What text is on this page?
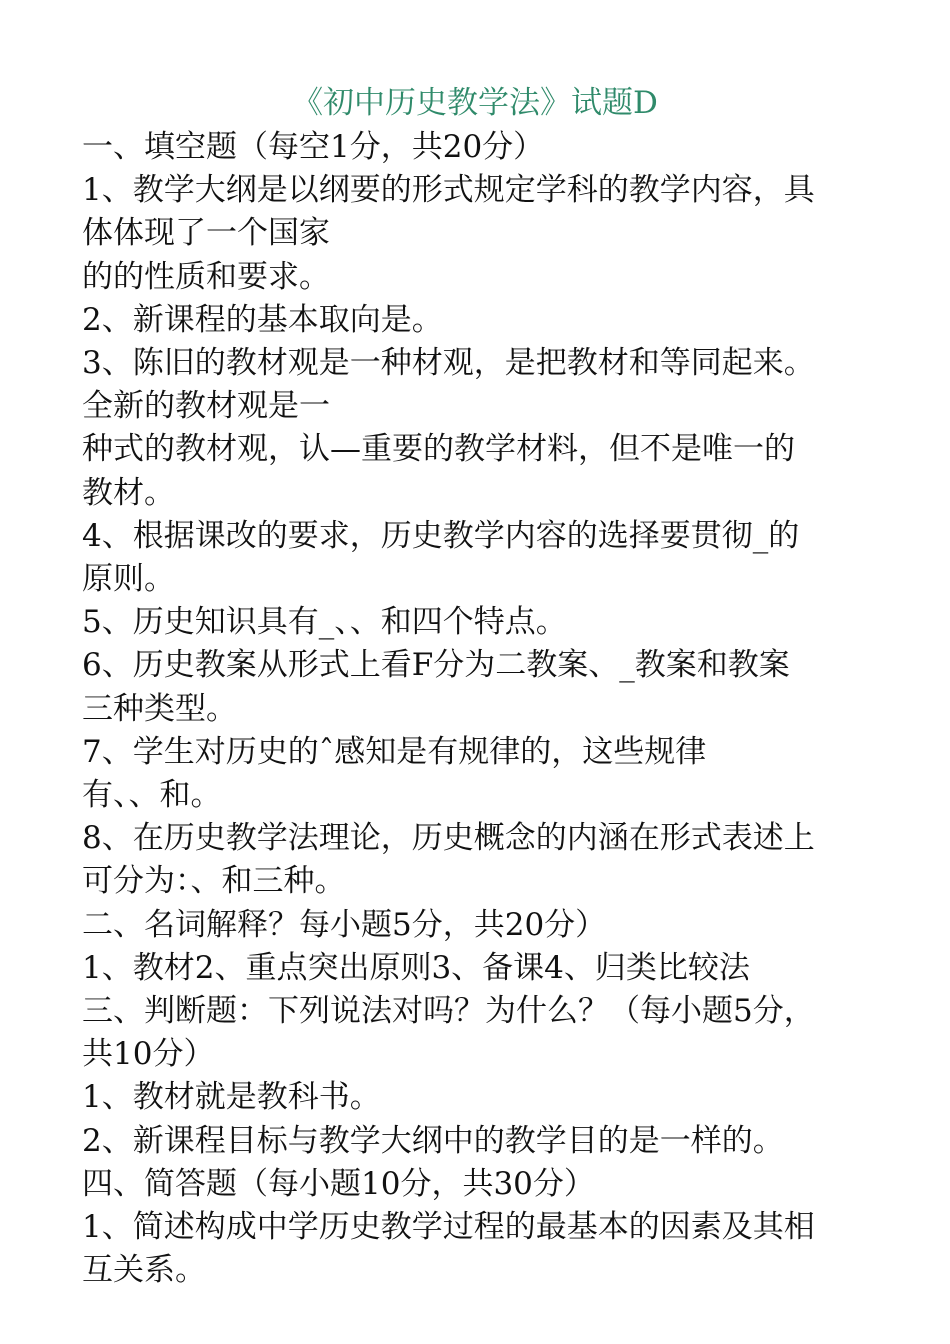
《初中历史教学法》试题D
一、填空题（每空1分，共20分）
1、教学大纲是以纲要的形式规定学科的教学内容，具
体体现了一个国家
的的性质和要求。
2、新课程的基本取向是。
3、陈旧的教材观是一种材观，是把教材和等同起来。
全新的教材观是一
种式的教材观，认—重要的教学材料，但不是唯一的
教材。
4、根据课改的要求，历史教学内容的选择要贯彻_的
原则。
5、历史知识具有_、、和四个特点。
6、历史教案从形式上看F分为二教案、_教案和教案
三种类型。
7、学生对历史的ˆ感知是有规律的，这些规律
有、、和。
8、在历史教学法理论，历史概念的内涵在形式表述上
可分为：、和三种。
二、名词解释？每小题5分，共20分）
1、教材2、重点突出原则3、备课4、归类比较法
三、判断题：下列说法对吗？为什么？（每小题5分，
共10分）
1、教材就是教科书。
2、新课程目标与教学大纲中的教学目的是一样的。
四、简答题（每小题10分，共30分）
1、简述构成中学历史教学过程的最基本的因素及其相
互关系。
